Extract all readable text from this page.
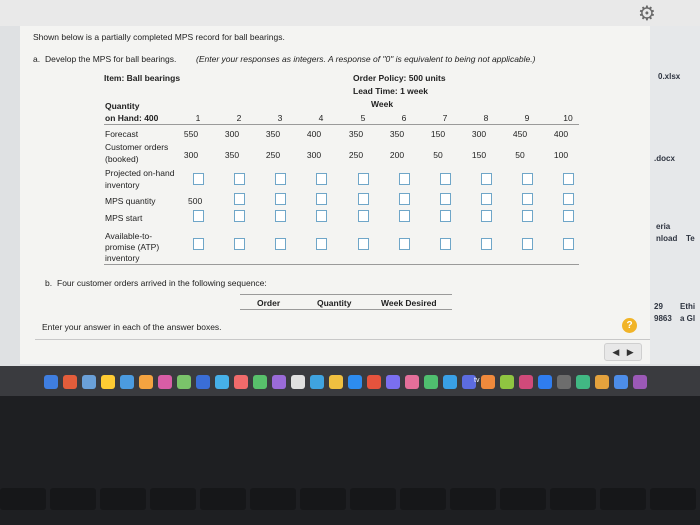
⚙
Shown below is a partially completed MPS record for ball bearings.
a. Develop the MPS for ball bearings. (Enter your responses as integers. A response of "0" is equivalent to being not applicable.)
Item: Ball bearings	Order Policy: 500 units
Lead Time: 1 week
Week
Quantity
on Hand: 400	1	2	3	4	5	6	7	8	9	10
Forecast	550	300	350	400	350	350	150	300	450	400
Customer orders
(booked)	300	350	250	300	250	200	50	150	50	100
Projected on-hand
inventory
MPS quantity	500
MPS start
Available-to-
promise (ATP)
inventory
b. Four customer orders arrived in the following sequence:
Order	Quantity	Week Desired
Enter your answer in each of the answer boxes.	?
◀   ▶
0.xlsx
.docx
eria
nload Te
29 Ethi
9863 a Gl
tv
